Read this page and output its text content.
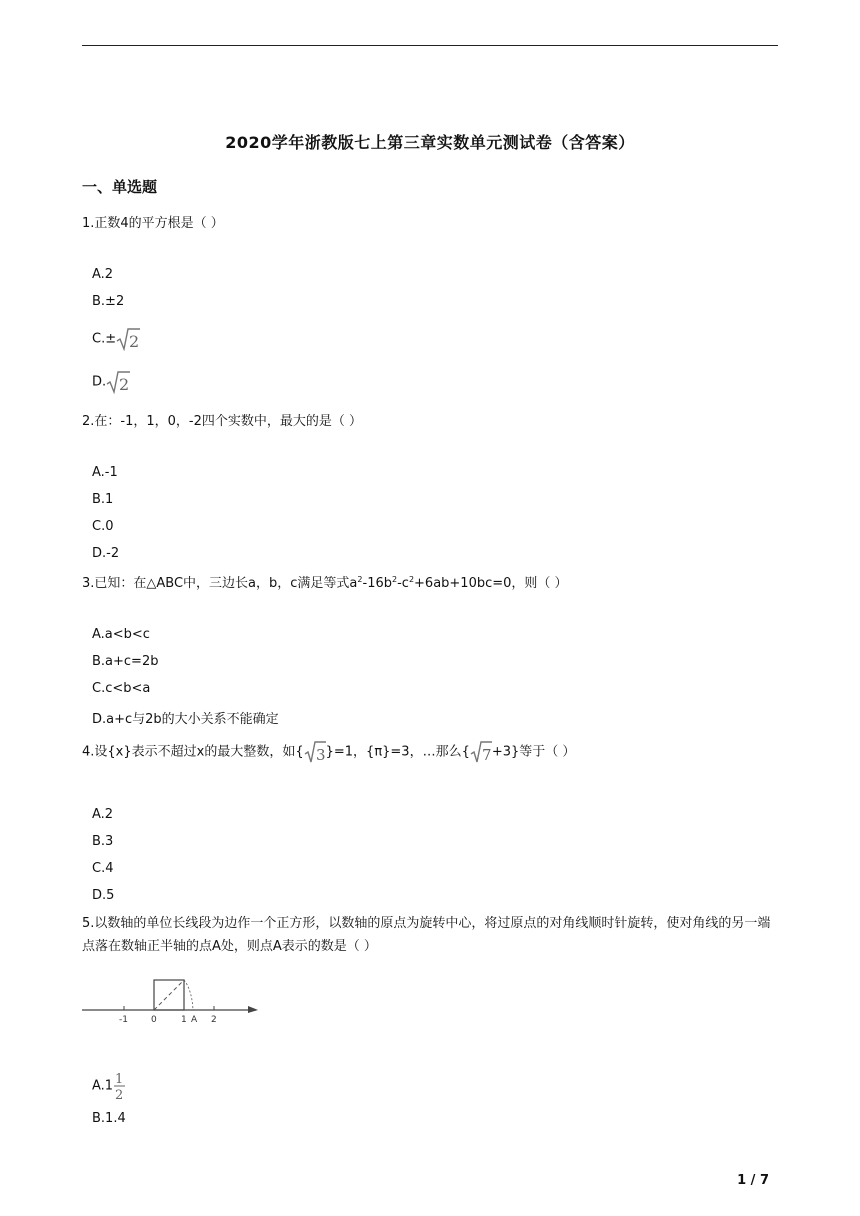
2020学年浙教版七上第三章实数单元测试卷（含答案）
一、单选题
1.正数4的平方根是（ ）
A.2
B.±2
C.± 2
D. 2
2.在：-1，1，0，-2四个实数中，最大的是（ ）
A.-1
B.1
C.0
D.-2
3.已知：在△ABC中，三边长a，b，c满足等式$a^2-16b^2-c^2+6ab+10bc=0$，则（ ）
A.a<b<c
B.a+c=2b
C.c<b<a
D.a+c与2b的大小关系不能确定
4.设{x}表示不超过x的最大整数，如{ 3 }=1，{π}=3，…那么{ 7 +3}等于（ ）
A.2
B.3
C.4
D.5
5.以数轴的单位长线段为边作一个正方形，以数轴的原点为旋转中心，将过原点的对角线顺时针旋转，使对角线的另一端点落在数轴正半轴的点A处，则点A表示的数是（ ）
-1	0	1 A 2
A.1 1
2
B.1.4
1 / 7
